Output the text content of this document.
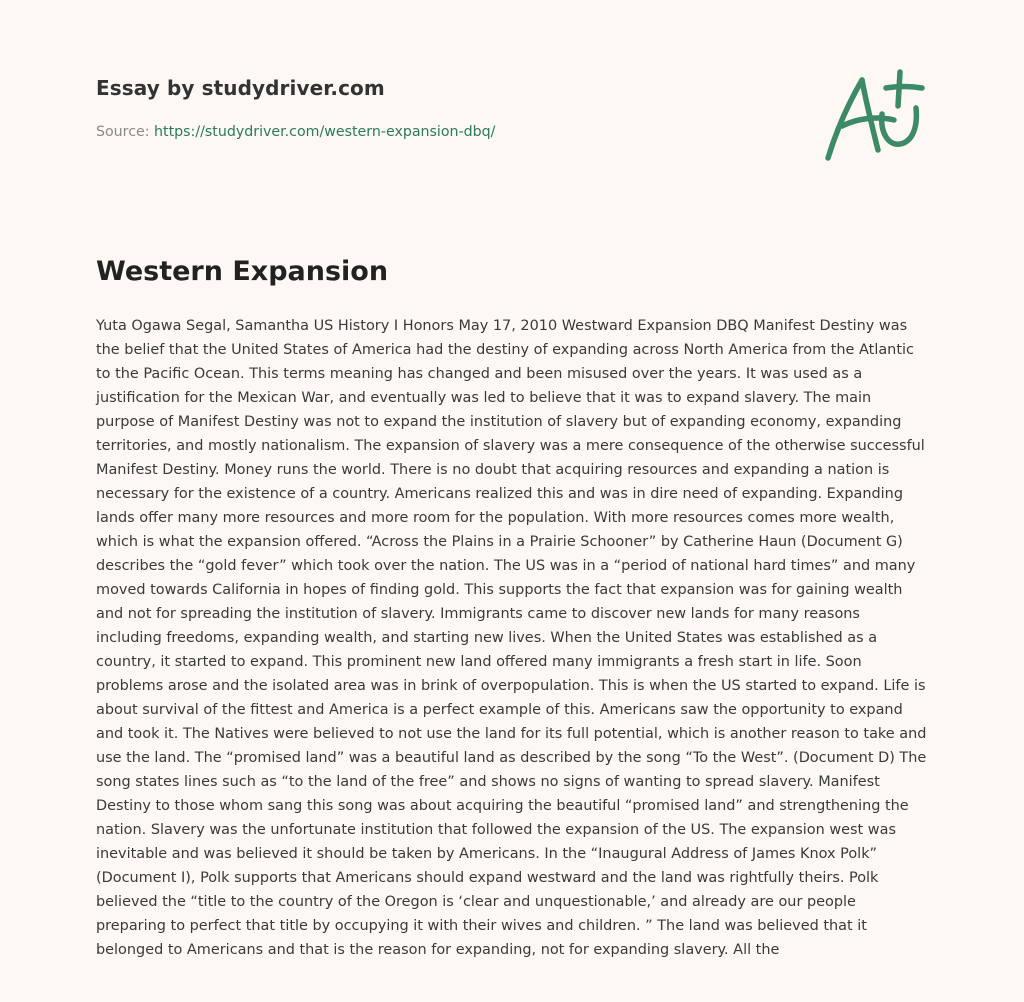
Essay by studydriver.com
Source: https://studydriver.com/western-expansion-dbq/
Western Expansion

Yuta Ogawa Segal, Samantha US History I Honors May 17, 2010 Westward Expansion DBQ Manifest Destiny was the belief that the United States of America had the destiny of expanding across North America from the Atlantic to the Pacific Ocean. This terms meaning has changed and been misused over the years. It was used as a justification for the Mexican War, and eventually was led to believe that it was to expand slavery. The main purpose of Manifest Destiny was not to expand the institution of slavery but of expanding economy, expanding territories, and mostly nationalism. The expansion of slavery was a mere consequence of the otherwise successful Manifest Destiny. Money runs the world. There is no doubt that acquiring resources and expanding a nation is necessary for the existence of a country. Americans realized this and was in dire need of expanding. Expanding lands offer many more resources and more room for the population. With more resources comes more wealth, which is what the expansion offered. “Across the Plains in a Prairie Schooner” by Catherine Haun (Document G) describes the “gold fever” which took over the nation. The US was in a “period of national hard times” and many moved towards California in hopes of finding gold. This supports the fact that expansion was for gaining wealth and not for spreading the institution of slavery. Immigrants came to discover new lands for many reasons including freedoms, expanding wealth, and starting new lives. When the United States was established as a country, it started to expand. This prominent new land offered many immigrants a fresh start in life. Soon problems arose and the isolated area was in brink of overpopulation. This is when the US started to expand. Life is about survival of the fittest and America is a perfect example of this. Americans saw the opportunity to expand and took it. The Natives were believed to not use the land for its full potential, which is another reason to take and use the land. The “promised land” was a beautiful land as described by the song “To the West”. (Document D) The song states lines such as “to the land of the free” and shows no signs of wanting to spread slavery. Manifest Destiny to those whom sang this song was about acquiring the beautiful “promised land” and strengthening the nation. Slavery was the unfortunate institution that followed the expansion of the US. The expansion west was inevitable and was believed it should be taken by Americans. In the “Inaugural Address of James Knox Polk” (Document I), Polk supports that Americans should expand westward and the land was rightfully theirs. Polk believed the “title to the country of the Oregon is ‘clear and unquestionable,’ and already are our people preparing to perfect that title by occupying it with their wives and children. ” The land was believed that it belonged to Americans and that is the reason for expanding, not for expanding slavery. All the
